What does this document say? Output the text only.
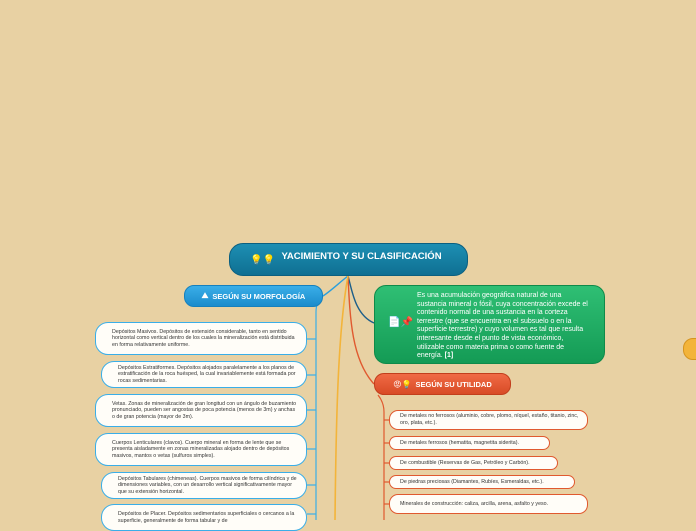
💡💡 YACIMIENTO Y SU CLASIFICACIÓN
📄📌
Es una acumulación geográfica natural de una sustancia mineral o fósil, cuya concentración excede el contenido normal de una sustancia en la corteza terrestre (que se encuentra en el subsuelo o en la superficie terrestre) y cuyo volumen es tal que resulta interesante desde el punto de vista económico, utilizable como materia prima o como fuente de energía. [1]
⛰ SEGÚN SU MORFOLOGÍA
😡💡 SEGÚN SU UTILIDAD
Depósitos Masivos. Depósitos de extensión considerable, tanto en sentido horizontal como vertical dentro de los cuales la mineralización está distribuida en forma relativamente uniforme.
Depósitos Estratiformes. Depósitos alojados paralelamente a los planos de estratificación de la roca huésped, la cual invariablemente está formada por rocas sedimentarias.
Vetas. Zonas de mineralización de gran longitud con un ángulo de buzamiento pronunciado, pueden ser angostas de poca potencia (menos de 3m) y anchas o de gran potencia (mayor de 3m).
Cuerpos Lenticulares (clavos). Cuerpo mineral en forma de lente que se presenta aisladamente en zonas mineralizadas alojado dentro de depósitos masivos, mantos o vetas (sulfuros simples).
Depósitos Tabulares (chimeneas). Cuerpos masivos de forma cilíndrica y de dimensiones variables, con un desarrollo vertical significativamente mayor que su extensión horizontal.
Depósitos de Placer. Depósitos sedimentarios superficiales o cercanos a la superficie, generalmente de forma tabular y de
De metales no ferrosos (aluminio, cobre, plomo, níquel, estaño, titanio, zinc, oro, plata, etc.).
De metales ferrosos (hematita, magnetita siderita).
De combustible (Reservas de Gas, Petróleo y Carbón).
De piedras preciosas (Diamantes, Rubíes, Esmeraldas, etc.).
Minerales de construcción: caliza, arcilla, arena, asfalto y yeso.
